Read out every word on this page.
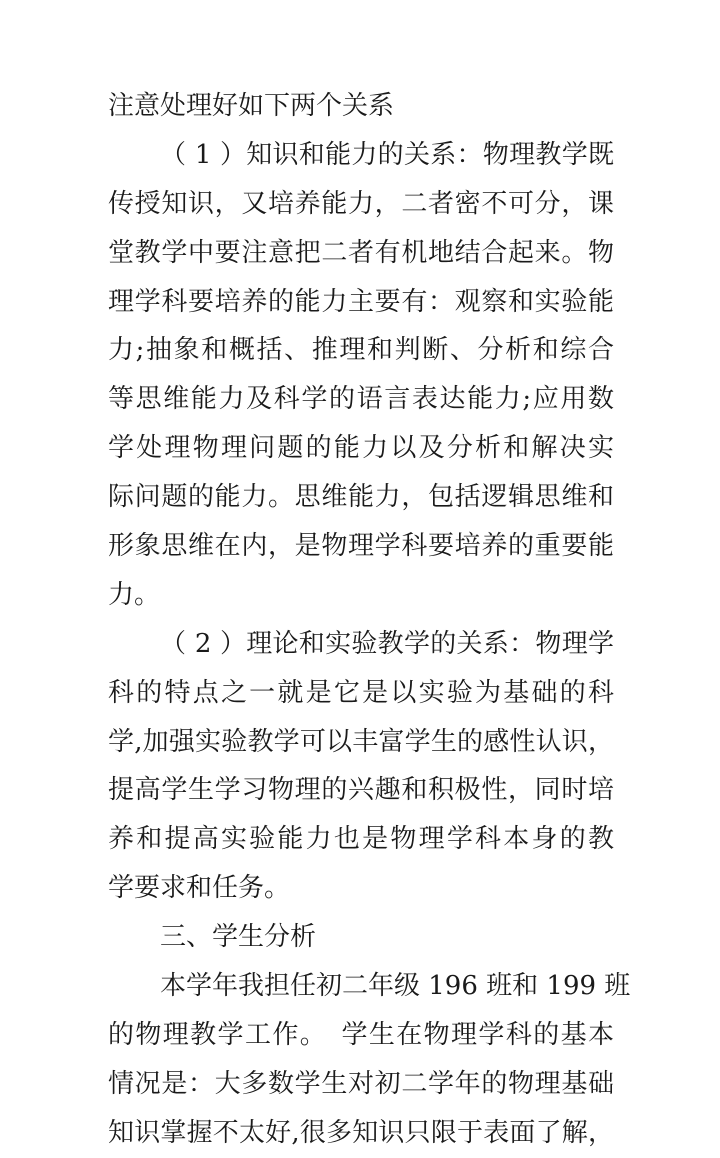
注意处理好如下两个关系
（ 1 ）知识和能力的关系：物理教学既
传授知识，又培养能力，二者密不可分，课
堂教学中要注意把二者有机地结合起来。物
理学科要培养的能力主要有：观察和实验能
力;抽象和概括、推理和判断、分析和综合
等思维能力及科学的语言表达能力;应用数
学处理物理问题的能力以及分析和解决实
际问题的能力。思维能力，包括逻辑思维和
形象思维在内，是物理学科要培养的重要能
力。
（ 2 ）理论和实验教学的关系：物理学
科的特点之一就是它是以实验为基础的科
学,加强实验教学可以丰富学生的感性认识，
提高学生学习物理的兴趣和积极性，同时培
养和提高实验能力也是物理学科本身的教
学要求和任务。
三、学生分析
本学年我担任初二年级 196 班和 199 班
的物理教学工作。　学生在物理学科的基本
情况是：大多数学生对初二学年的物理基础
知识掌握不太好,很多知识只限于表面了解，
